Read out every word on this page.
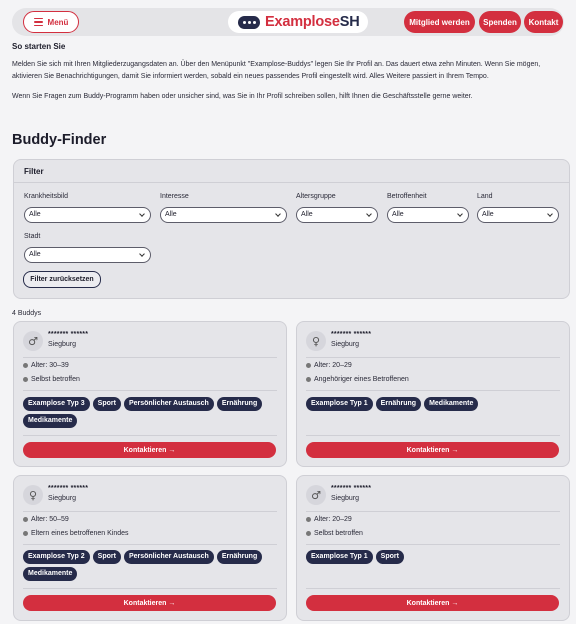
Menü	ExamploseSH	Mitglied werden	Spenden	Kontakt
So starten Sie

Melden Sie sich mit Ihren Mitgliederzugangsdaten an. Über den Menüpunkt "Examplose-Buddys" legen Sie Ihr Profil an. Das dauert etwa zehn Minuten. Wenn Sie mögen, aktivieren Sie Benachrichtigungen, damit Sie informiert werden, sobald ein neues passendes Profil eingestellt wird. Alles Weitere passiert in Ihrem Tempo.

Wenn Sie Fragen zum Buddy-Programm haben oder unsicher sind, was Sie in Ihr Profil schreiben sollen, hilft Ihnen die Geschäftsstelle gerne weiter.

Buddy-Finder
Filter
Krankheitsbild
Alle
Interesse
Alle
Altersgruppe
Alle
Betroffenheit
Alle
Land
Alle
Stadt
Alle
Filter zurücksetzen
4 Buddys
♂	******* ******
Siegburg
Alter: 30–39
Selbst betroffen
Examplose Typ 3	Sport	Persönlicher Austausch	Ernährung
Medikamente
Kontaktieren →
♀	******* ******
Siegburg
Alter: 20–29
Angehöriger eines Betroffenen
Examplose Typ 1	Ernährung	Medikamente
Kontaktieren →
♀	******* ******
Siegburg
Alter: 50–59
Eltern eines betroffenen Kindes
Examplose Typ 2	Sport	Persönlicher Austausch	Ernährung
Medikamente
Kontaktieren →
♂	******* ******
Siegburg
Alter: 20–29
Selbst betroffen
Examplose Typ 1	Sport
Kontaktieren →
